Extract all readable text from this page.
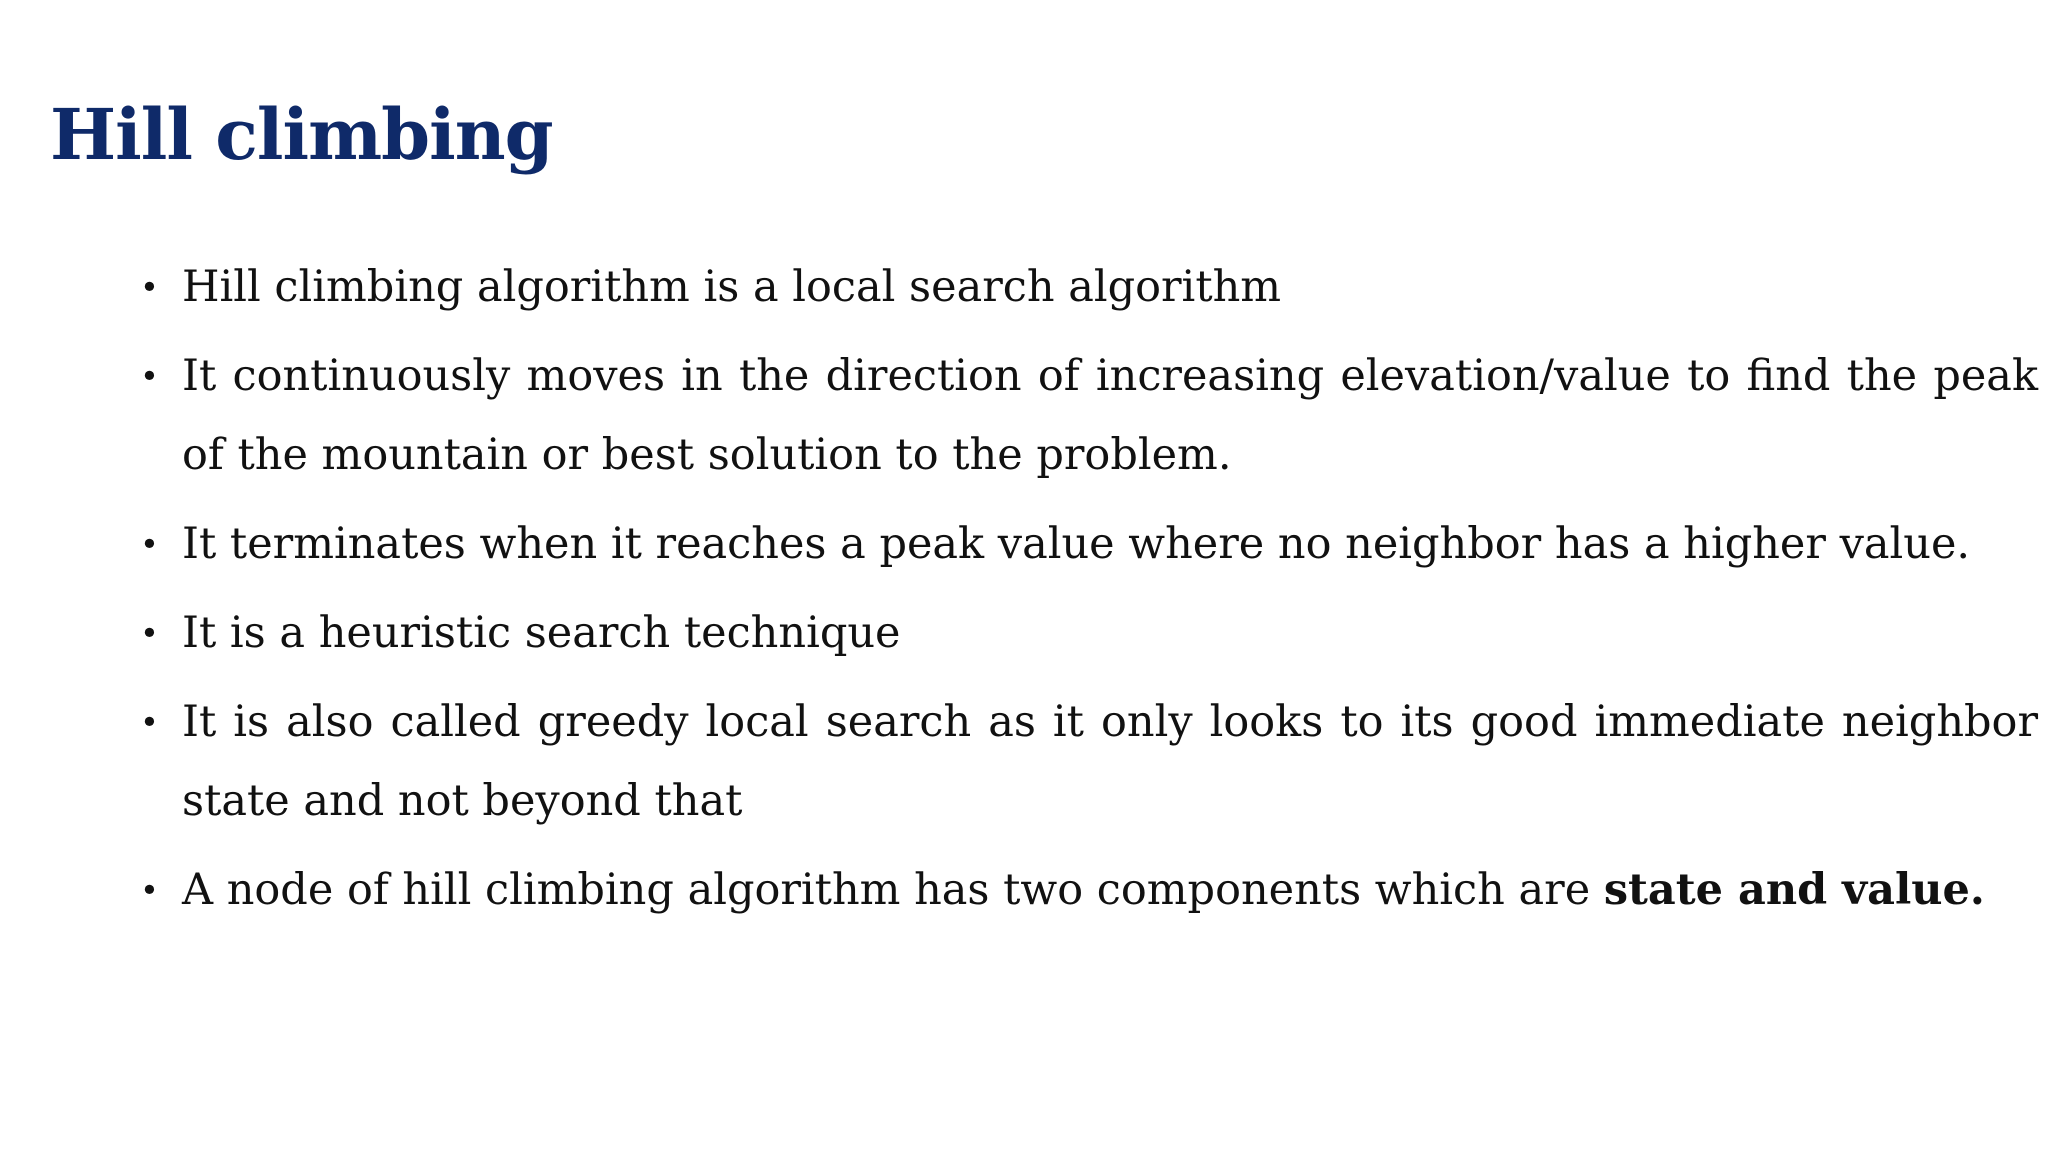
Hill climbing
• Hill climbing algorithm is a local search algorithm
• It continuously moves in the direction of increasing elevation/value to find the peak of the mountain or best solution to the problem.
• It terminates when it reaches a peak value where no neighbor has a higher value.
• It is a heuristic search technique
• It is also called greedy local search as it only looks to its good immediate neighbor state and not beyond that
• A node of hill climbing algorithm has two components which are state and value.
